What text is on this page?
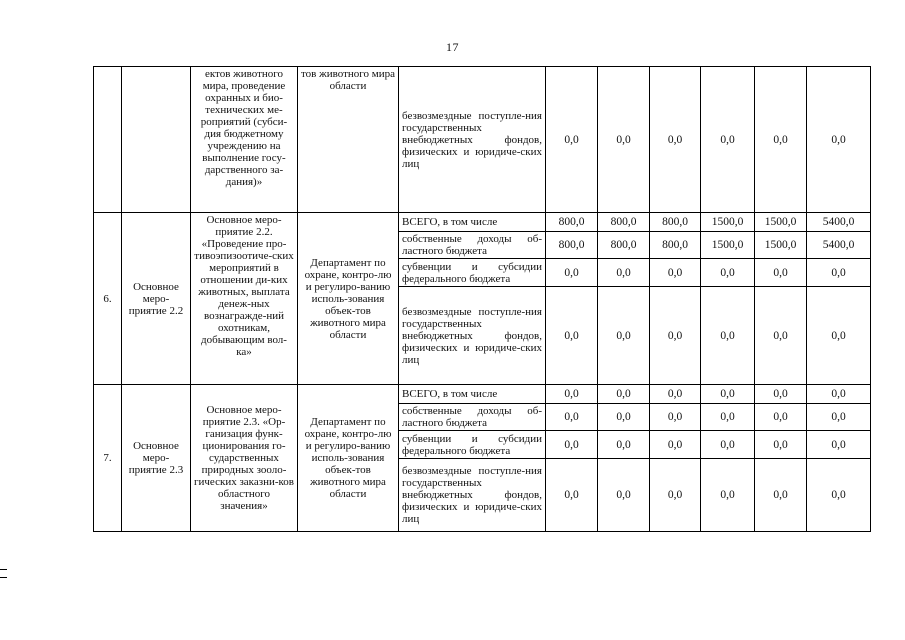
17
		ектов животного мира, проведение охранных и био-технических ме-роприятий (субси-дия бюджетному учреждению на выполнение госу-дарственного за-дания)»	тов животного мира области	безвозмездные поступле-ния государственных внебюджетных фондов, физических и юридиче-ских лиц	0,0	0,0	0,0	0,0	0,0	0,0
6.	Основное меро-приятие 2.2	Основное меро-приятие 2.2. «Проведение про-тивоэпизоотиче-ских мероприятий в отношении ди-ких животных, выплата денеж-ных вознагражде-ний охотникам, добывающим вол-ка»	Департамент по охране, контро-лю и регулиро-ванию исполь-зования объек-тов животного мира области	ВСЕГО, в том числе	800,0	800,0	800,0	1500,0	1500,0	5400,0
				собственные доходы об-ластного бюджета	800,0	800,0	800,0	1500,0	1500,0	5400,0
				субвенции и субсидии федерального бюджета	0,0	0,0	0,0	0,0	0,0	0,0
				безвозмездные поступле-ния государственных внебюджетных фондов, физических и юридиче-ских лиц	0,0	0,0	0,0	0,0	0,0	0,0
7.	Основное меро-приятие 2.3	Основное меро-приятие 2.3. «Ор-ганизация функ-ционирования го-сударственных природных зооло-гических заказни-ков областного значения»	Департамент по охране, контро-лю и регулиро-ванию исполь-зования объек-тов животного мира области	ВСЕГО, в том числе	0,0	0,0	0,0	0,0	0,0	0,0
				собственные доходы об-ластного бюджета	0,0	0,0	0,0	0,0	0,0	0,0
				субвенции и субсидии федерального бюджета	0,0	0,0	0,0	0,0	0,0	0,0
				безвозмездные поступле-ния государственных внебюджетных фондов, физических и юридиче-ских лиц	0,0	0,0	0,0	0,0	0,0	0,0
